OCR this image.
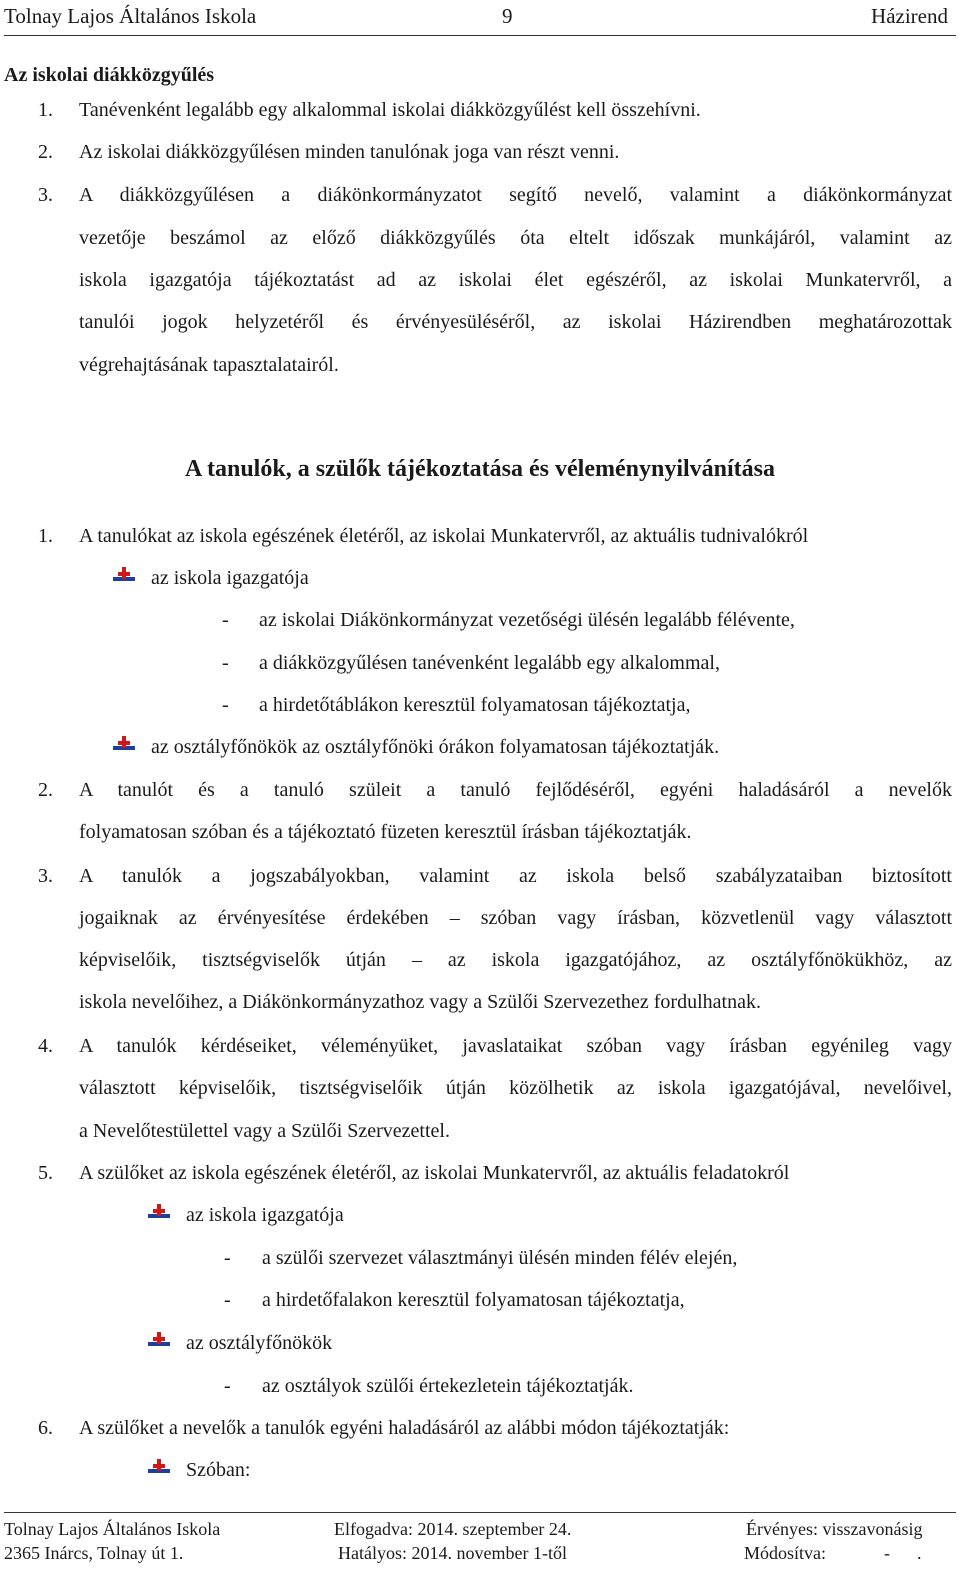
Tolnay Lajos Általános Iskola	9	Házirend
Az iskolai diákközgyűlés
1. Tanévenként legalább egy alkalommal iskolai diákközgyűlést kell összehívni.
2. Az iskolai diákközgyűlésen minden tanulónak joga van részt venni.
3. A diákközgyűlésen a diákönkormányzatot segítő nevelő, valamint a diákönkormányzat
vezetője beszámol az előző diákközgyűlés óta eltelt időszak munkájáról, valamint az
iskola igazgatója tájékoztatást ad az iskolai élet egészéről, az iskolai Munkatervről, a
tanulói jogok helyzetéről és érvényesüléséről, az iskolai Házirendben meghatározottak
végrehajtásának tapasztalatairól.
A tanulók, a szülők tájékoztatása és véleménynyilvánítása
1. A tanulókat az iskola egészének életéről, az iskolai Munkatervről, az aktuális tudnivalókról
az iskola igazgatója
- az iskolai Diákönkormányzat vezetőségi ülésén legalább félévente,
- a diákközgyűlésen tanévenként legalább egy alkalommal,
- a hirdetőtáblákon keresztül folyamatosan tájékoztatja,
az osztályfőnökök az osztályfőnöki órákon folyamatosan tájékoztatják.
2. A tanulót és a tanuló szüleit a tanuló fejlődéséről, egyéni haladásáról a nevelők
folyamatosan szóban és a tájékoztató füzeten keresztül írásban tájékoztatják.
3. A tanulók a jogszabályokban, valamint az iskola belső szabályzataiban biztosított
jogaiknak az érvényesítése érdekében – szóban vagy írásban, közvetlenül vagy választott
képviselőik, tisztségviselők útján – az iskola igazgatójához, az osztályfőnökükhöz, az
iskola nevelőihez, a Diákönkormányzathoz vagy a Szülői Szervezethez fordulhatnak.
4. A tanulók kérdéseiket, véleményüket, javaslataikat szóban vagy írásban egyénileg vagy
választott képviselőik, tisztségviselőik útján közölhetik az iskola igazgatójával, nevelőivel,
a Nevelőtestülettel vagy a Szülői Szervezettel.
5. A szülőket az iskola egészének életéről, az iskolai Munkatervről, az aktuális feladatokról
az iskola igazgatója
- a szülői szervezet választmányi ülésén minden félév elején,
- a hirdetőfalakon keresztül folyamatosan tájékoztatja,
az osztályfőnökök
- az osztályok szülői értekezletein tájékoztatják.
6. A szülőket a nevelők a tanulók egyéni haladásáról az alábbi módon tájékoztatják:
Szóban:
Tolnay Lajos Általános Iskola
2365 Inárcs, Tolnay út 1.
Elfogadva: 2014. szeptember 24.
Hatályos: 2014. november 1-től
Érvényes: visszavonásig
Módosítva:	-      .
